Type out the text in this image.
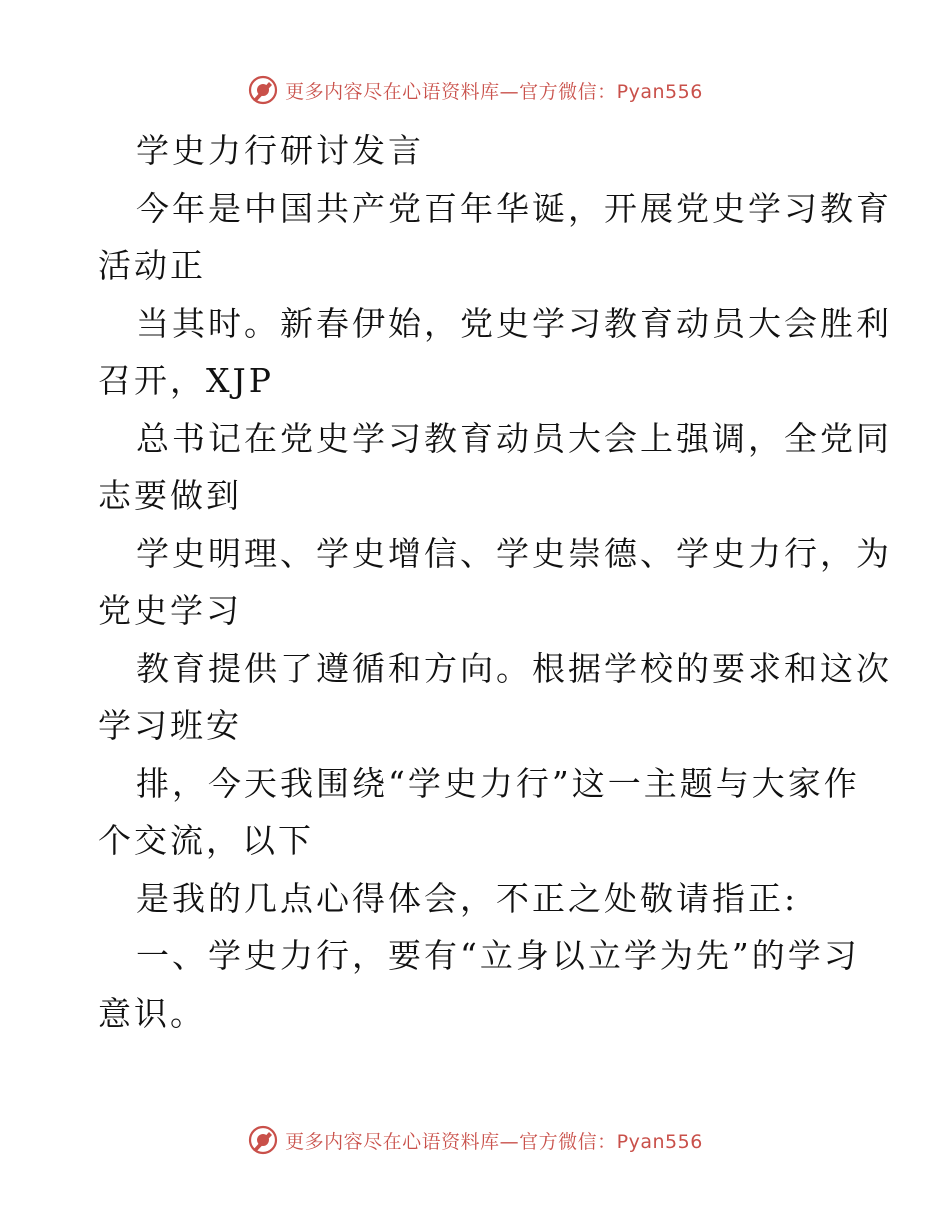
更多内容尽在心语资料库—官方微信：Pyan556
学史力行研讨发言
今年是中国共产党百年华诞，开展党史学习教育
活动正
当其时。新春伊始，党史学习教育动员大会胜利
召开，XJP
总书记在党史学习教育动员大会上强调，全党同
志要做到
学史明理、学史增信、学史崇德、学史力行，为
党史学习
教育提供了遵循和方向。根据学校的要求和这次
学习班安
排，今天我围绕“学史力行”这一主题与大家作
个交流，以下
是我的几点心得体会，不正之处敬请指正:
一、学史力行，要有“立身以立学为先”的学习
意识。
更多内容尽在心语资料库—官方微信：Pyan556
